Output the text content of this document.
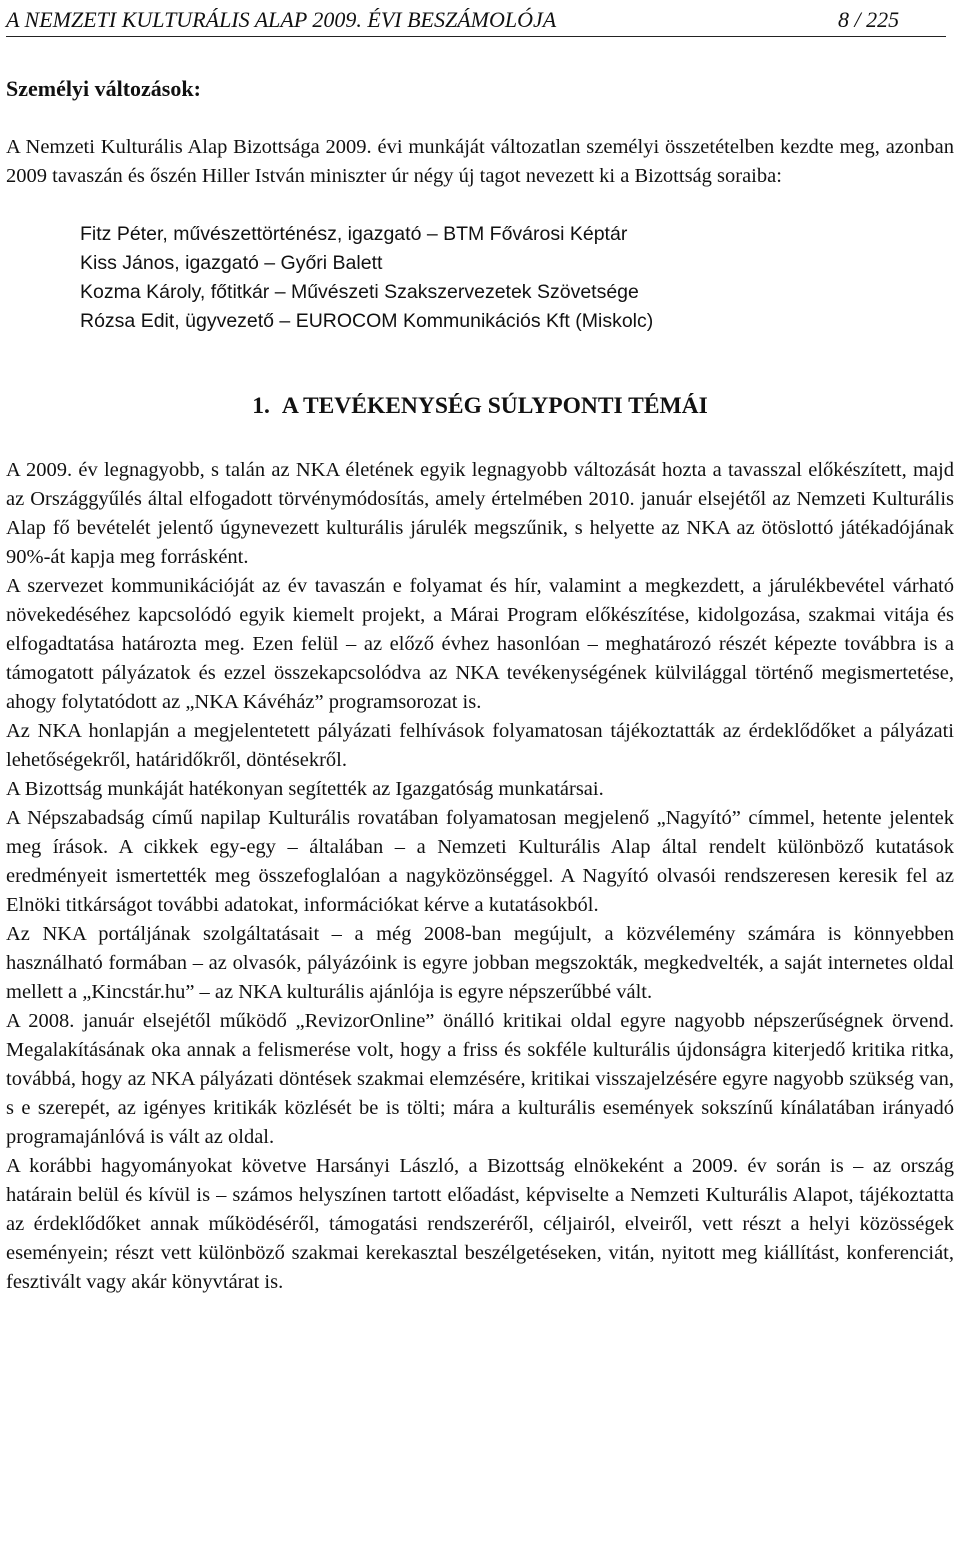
A NEMZETI KULTURÁLIS ALAP 2009. ÉVI BESZÁMOLÓJA	8 / 225
Személyi változások:

A Nemzeti Kulturális Alap Bizottsága 2009. évi munkáját változatlan személyi összetételben kezdte meg, azonban 2009 tavaszán és őszén Hiller István miniszter úr négy új tagot nevezett ki a Bizottság soraiba:

Fitz Péter, művészettörténész, igazgató – BTM Fővárosi Képtár
Kiss János, igazgató – Győri Balett
Kozma Károly, főtitkár – Művészeti Szakszervezetek Szövetsége
Rózsa Edit, ügyvezető – EUROCOM Kommunikációs Kft (Miskolc)
1. A TEVÉKENYSÉG SÚLYPONTI TÉMÁI

A 2009. év legnagyobb, s talán az NKA életének egyik legnagyobb változását hozta a tavasszal előkészített, majd az Országgyűlés által elfogadott törvénymódosítás, amely értelmében 2010. január elsejétől az Nemzeti Kulturális Alap fő bevételét jelentő úgynevezett kulturális járulék megszűnik, s helyette az NKA az ötöslottó játékadójának 90%-át kapja meg forrásként.

A szervezet kommunikációját az év tavaszán e folyamat és hír, valamint a megkezdett, a járulékbevétel várható növekedéséhez kapcsolódó egyik kiemelt projekt, a Márai Program előkészítése, kidolgozása, szakmai vitája és elfogadtatása határozta meg. Ezen felül – az előző évhez hasonlóan – meghatározó részét képezte továbbra is a támogatott pályázatok és ezzel összekapcsolódva az NKA tevékenységének külvilággal történő megismertetése, ahogy folytatódott az „NKA Kávéház” programsorozat is.

Az NKA honlapján a megjelentetett pályázati felhívások folyamatosan tájékoztatták az érdeklődőket a pályázati lehetőségekről, határidőkről, döntésekről.

A Bizottság munkáját hatékonyan segítették az Igazgatóság munkatársai.

A Népszabadság című napilap Kulturális rovatában folyamatosan megjelenő „Nagyító” címmel, hetente jelentek meg írások. A cikkek egy-egy – általában – a Nemzeti Kulturális Alap által rendelt különböző kutatások eredményeit ismertették meg összefoglalóan a nagyközönséggel. A Nagyító olvasói rendszeresen keresik fel az Elnöki titkárságot további adatokat, információkat kérve a kutatásokból.

Az NKA portáljának szolgáltatásait – a még 2008-ban megújult, a közvélemény számára is könnyebben használható formában – az olvasók, pályázóink is egyre jobban megszokták, megkedvelték, a saját internetes oldal mellett a „Kincstár.hu” – az NKA kulturális ajánlója is egyre népszerűbbé vált.

A 2008. január elsejétől működő „RevizorOnline” önálló kritikai oldal egyre nagyobb népszerűségnek örvend. Megalakításának oka annak a felismerése volt, hogy a friss és sokféle kulturális újdonságra kiterjedő kritika ritka, továbbá, hogy az NKA pályázati döntések szakmai elemzésére, kritikai visszajelzésére egyre nagyobb szükség van, s e szerepét, az igényes kritikák közlését be is tölti; mára a kulturális események sokszínű kínálatában irányadó programajánlóvá is vált az oldal.

A korábbi hagyományokat követve Harsányi László, a Bizottság elnökeként a 2009. év során is – az ország határain belül és kívül is – számos helyszínen tartott előadást, képviselte a Nemzeti Kulturális Alapot, tájékoztatta az érdeklődőket annak működéséről, támogatási rendszeréről, céljairól, elveiről, vett részt a helyi közösségek eseményein; részt vett különböző szakmai kerekasztal beszélgetéseken, vitán, nyitott meg kiállítást, konferenciát, fesztivált vagy akár könyvtárat is.
